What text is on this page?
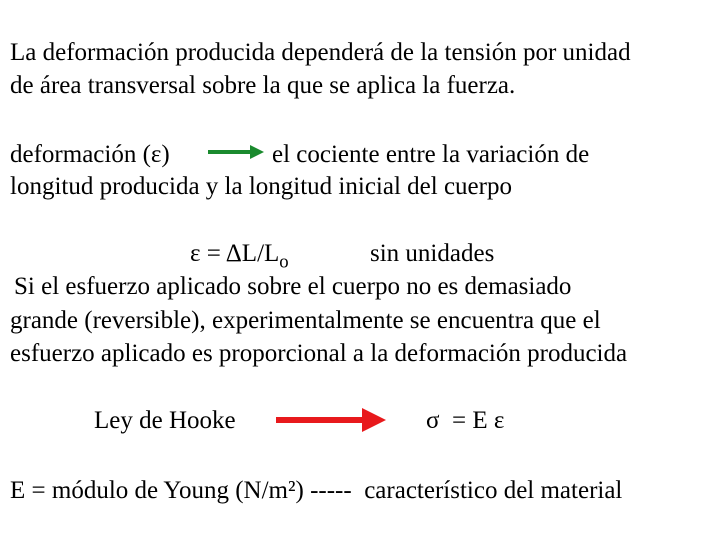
La deformación producida dependerá de la tensión por unidad
de área transversal sobre la que se aplica la fuerza.
deformación (ε)	el cociente entre la variación de
longitud producida y la longitud inicial del cuerpo
$\varepsilon = \Delta L/L_o$	sin unidades
Si el esfuerzo aplicado sobre el cuerpo no es demasiado
grande (reversible), experimentalmente se encuentra que el
esfuerzo aplicado es proporcional a la deformación producida
Ley de Hooke	σ  = E ε
E = módulo de Young (N/m²) -----  característico del material
